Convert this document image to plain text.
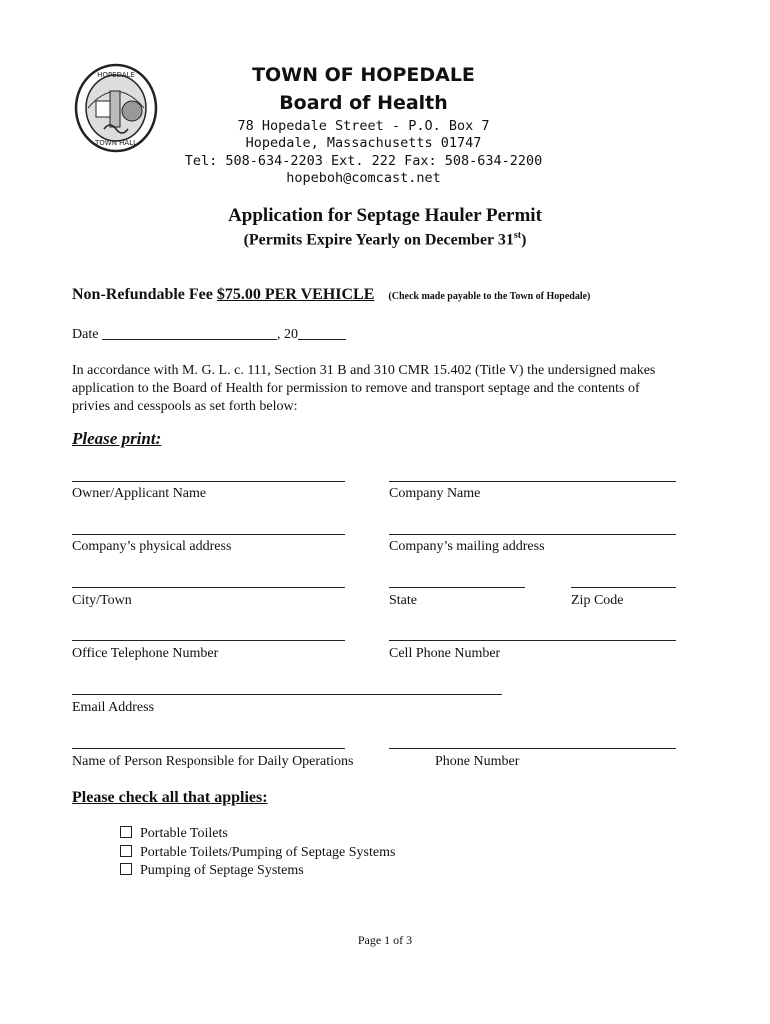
HOPEDALE
TOWN HALL
TOWN OF HOPEDALE
Board of Health
78 Hopedale Street - P.O. Box 7
Hopedale, Massachusetts 01747
Tel: 508-634-2203 Ext. 222 Fax: 508-634-2200
hopeboh@comcast.net
Application for Septage Hauler Permit
(Permits Expire Yearly on December 31st)
Non-Refundable Fee $75.00 PER VEHICLE (Check made payable to the Town of Hopedale)
Date	, 20
In accordance with M. G. L. c. 111, Section 31 B and 310 CMR 15.402 (Title V) the undersigned makes application to the Board of Health for permission to remove and transport septage and the contents of privies and cesspools as set forth below:
Please print:
Owner/Applicant Name	Company Name
Company’s physical address	Company’s mailing address
City/Town	State	Zip Code
Office Telephone Number	Cell Phone Number
Email Address
Name of Person Responsible for Daily Operations	Phone Number
Please check all that applies:
Portable Toilets
Portable Toilets/Pumping of Septage Systems
Pumping of Septage Systems
Page 1 of 3
